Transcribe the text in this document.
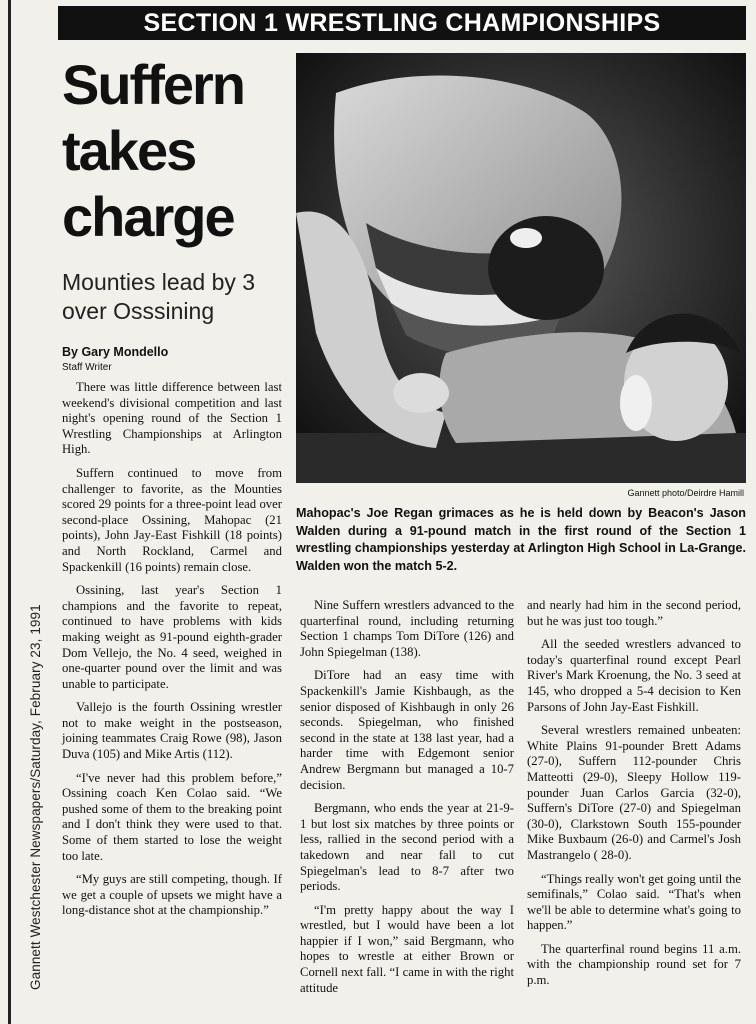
Gannett Westchester Newspapers/Saturday, February 23, 1991
SECTION 1 WRESTLING CHAMPIONSHIPS
Suffern takes charge
Mounties lead by 3 over Osssining
By Gary Mondello
Staff Writer

There was little difference between last weekend's divisional competition and last night's opening round of the Section 1 Wrestling Championships at Arlington High.

Suffern continued to move from challenger to favorite, as the Mounties scored 29 points for a three-point lead over second-place Ossining, Mahopac (21 points), John Jay-East Fishkill (18 points) and North Rockland, Carmel and Spackenkill (16 points) remain close.

Ossining, last year's Section 1 champions and the favorite to repeat, continued to have problems with kids making weight as 91-pound eighth-grader Dom Vellejo, the No. 4 seed, weighed in one-quarter pound over the limit and was unable to participate.

Vallejo is the fourth Ossining wrestler not to make weight in the postseason, joining teammates Craig Rowe (98), Jason Duva (105) and Mike Artis (112).

“I've never had this problem before,” Ossining coach Ken Colao said. “We pushed some of them to the breaking point and I don't think they were used to that. Some of them started to lose the weight too late.

“My guys are still competing, though. If we get a couple of upsets we might have a long-distance shot at the championship.”

Gannett photo/Deirdre Hamill
Mahopac's Joe Regan grimaces as he is held down by Beacon's Jason Walden during a 91-pound match in the first round of the Section 1 wrestling championships yesterday at Arlington High School in La-Grange. Walden won the match 5-2.

Nine Suffern wrestlers advanced to the quarterfinal round, including returning Section 1 champs Tom DiTore (126) and John Spiegelman (138).

DiTore had an easy time with Spackenkill's Jamie Kishbaugh, as the senior disposed of Kishbaugh in only 26 seconds. Spiegelman, who finished second in the state at 138 last year, had a harder time with Edgemont senior Andrew Bergmann but managed a 10-7 decision.

Bergmann, who ends the year at 21-9-1 but lost six matches by three points or less, rallied in the second period with a takedown and near fall to cut Spiegelman's lead to 8-7 after two periods.

“I'm pretty happy about the way I wrestled, but I would have been a lot happier if I won,” said Bergmann, who hopes to wrestle at either Brown or Cornell next fall. “I came in with the right attitude

and nearly had him in the second period, but he was just too tough.”

All the seeded wrestlers advanced to today's quarterfinal round except Pearl River's Mark Kroenung, the No. 3 seed at 145, who dropped a 5-4 decision to Ken Parsons of John Jay-East Fishkill.

Several wrestlers remained unbeaten: White Plains 91-pounder Brett Adams (27-0), Suffern 112-pounder Chris Matteotti (29-0), Sleepy Hollow 119-pounder Juan Carlos Garcia (32-0), Suffern's DiTore (27-0) and Spiegelman (30-0), Clarkstown South 155-pounder Mike Buxbaum (26-0) and Carmel's Josh Mastrangelo ( 28-0).

“Things really won't get going until the semifinals,” Colao said. “That's when we'll be able to determine what's going to happen.”

The quarterfinal round begins 11 a.m. with the championship round set for 7 p.m.
